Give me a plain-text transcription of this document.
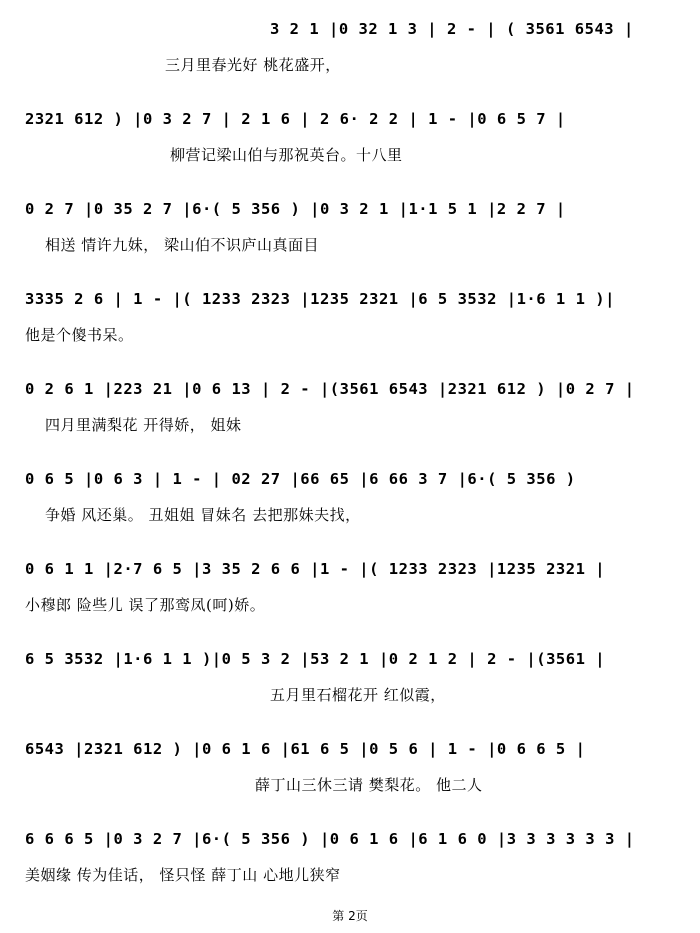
3 2 1 |0 32 1 3 | 2 - | ( 3561 6543 |
三月里春光好 桃花盛开，
2321 612 ) |0 3 2 7 | 2 1 6 | 2 6· 2 2 | 1 - |0 6 5 7 |
柳营记梁山伯与那祝英台。十八里
0 2 7 |0 35 2 7 |6·( 5 356 ) |0 3 2 1 |1·1 5 1 |2 2 7 |
相送 情许九妹， 梁山伯不识庐山真面目
3335 2 6 | 1 - |( 1233 2323 |1235 2321 |6 5 3532 |1·6 1 1 )|
他是个傻书呆。
0 2 6 1 |223 21 |0 6 13 | 2 - |(3561 6543 |2321 612 ) |0 2 7 |
四月里满梨花 开得娇， 姐妹
0 6 5 |0 6 3 | 1 - | 02 27 |66 65 |6 66 3 7 |6·( 5 356 )
争婚 风还巢。 丑姐姐 冒妹名 去把那妹夫找，
0 6 1 1 |2·7 6 5 |3 35 2 6 6 |1 - |( 1233 2323 |1235 2321 |
小穆郎 险些儿 误了那鸾凤(呵)娇。
6 5 3532 |1·6 1 1 )|0 5 3 2 |53 2 1 |0 2 1 2 | 2 - |(3561 |
五月里石榴花开 红似霞，
6543 |2321 612 ) |0 6 1 6 |61 6 5 |0 5 6 | 1 - |0 6 6 5 |
薛丁山三休三请 樊梨花。 他二人
6 6 6 5 |0 3 2 7 |6·( 5 356 ) |0 6 1 6 |6 1 6 0 |3 3 3 3 3 3 |
美姻缘 传为佳话， 怪只怪 薛丁山 心地儿狭窄
第 2页
